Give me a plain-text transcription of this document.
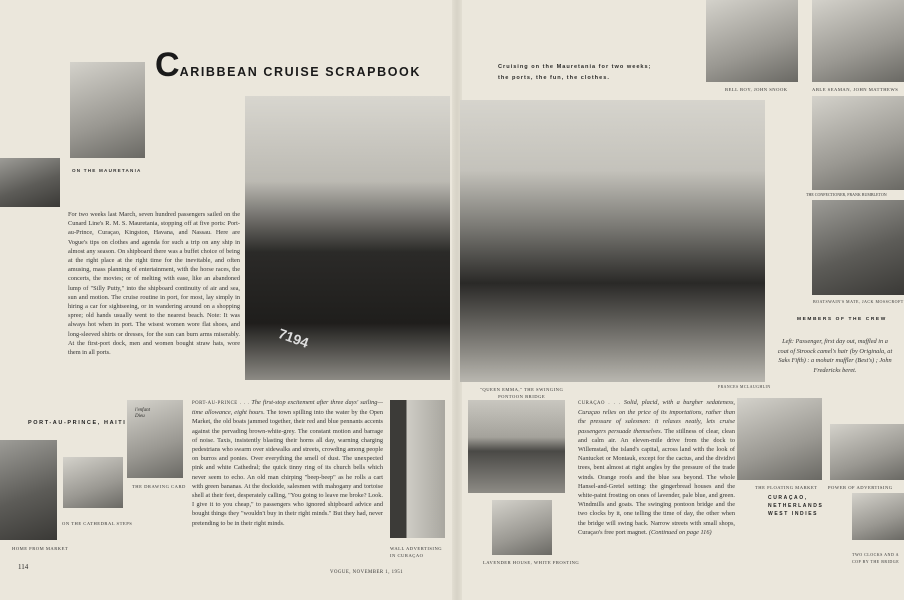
ON THE MAURETANIA
CARIBBEAN CRUISE SCRAPBOOK
7194
For two weeks last March, seven hundred passengers sailed on the Cunard Line's R. M. S. Mauretania, stopping off at five ports: Port-au-Prince, Curaçao, Kingston, Havana, and Nassau. Here are Vogue's tips on clothes and agenda for such a trip on any ship in almost any season. On shipboard there was a buffet choice of being at the right place at the right time for the inevitable, and often amusing, mass planning of entertainment, with the horse races, the concerts, the movies; or of melting with ease, like an abandoned lump of "Silly Putty," into the shipboard continuity of air and sea, sun and motion. The cruise routine in port, for most, lay simply in hiring a car for sightseeing, or in wandering around on a shopping spree; old hands usually went to the nearest beach. Note: It was always hot when in port. The wisest women wore flat shoes, and long-sleeved shirts or dresses, for the sun can burn arms miserably. At the first-port dock, men and women bought straw hats, wore them in all ports.
PORT-AU-PRINCE, HAITI
HOME FROM MARKET
ON THE CATHEDRAL STEPS
l'enfant Dieu
THE DRAWING CARD
114
PORT-AU-PRINCE . . . The first-stop excitement after three days' sailing—time allowance, eight hours. The town spilling into the water by the Open Market, the old boats jammed together, their red and blue pennants accents against the pervading brown-white-grey. The constant motion and barrage of noise. Taxis, insistently blasting their horns all day, warning charging pedestrians who swarm over sidewalks and streets, crowding among people on burros and ponies. Over everything the smell of dust. The unexpected pink and white Cathedral; the quick tinny ring of its church bells which never seem to echo. An old man chirping "beep-beep" as he rolls a cart with green bananas. At the dockside, salesmen with mahogany and tortoise shell at their feet, desperately calling, "You going to leave me broke? Look. I give it to you cheap," to passengers who ignored shipboard advice and bought things they "wouldn't buy in their right minds." But they had, never pretending to be in their right minds.
WALL ADVERTISING
IN CURAÇAO
VOGUE, NOVEMBER 1, 1951
Cruising on the Mauretania for two weeks;
the ports, the fun, the clothes.
"QUEEN EMMA," THE SWINGING
PONTOON BRIDGE
FRANCES MCLAUGHLIN
BELL BOY, JOHN SNOOK	ABLE SEAMAN, JOHN MATTHEWS
THE CONFECTIONER, FRANK BUMBLETON
BOATSWAIN'S MATE, JACK MOSSCROFT
MEMBERS OF THE CREW
Left: Passenger, first day out, muffled in a coat of Stroock camel's hair (by Originala, at Saks Fifth) : a mohair muffler (Best's) ; John Fredericks beret.
LAVENDER HOUSE, WHITE FROSTING
CURAÇAO . . . Solid, placid, with a burgher sedateness, Curaçao relies on the price of its importations, rather than the pressure of salesmen: it relaxes neatly, lets cruise passengers persuade themselves. The stillness of clear, clean and calm air. An eleven-mile drive from the dock to Willemstad, the island's capital, across land with the look of Nantucket or Montauk, except for the cactus, and the dividivi trees, bent almost at right angles by the pressure of the trade winds. Orange roofs and the blue sea beyond. The whole Hansel-and-Gretel setting: the gingerbread houses and the white-paint frosting on ones of lavender, pale blue, and green. Windmills and goats. The swinging pontoon bridge and the two clocks by it, one telling the time of day, the other when the bridge will swing back. Narrow streets with small shops, Curaçao's free port magnet. (Continued on page 116)
THE FLOATING MARKET POWER OF ADVERTISING
CURAÇAO,
NETHERLANDS
WEST INDIES
TWO CLOCKS AND A
COP BY THE BRIDGE
